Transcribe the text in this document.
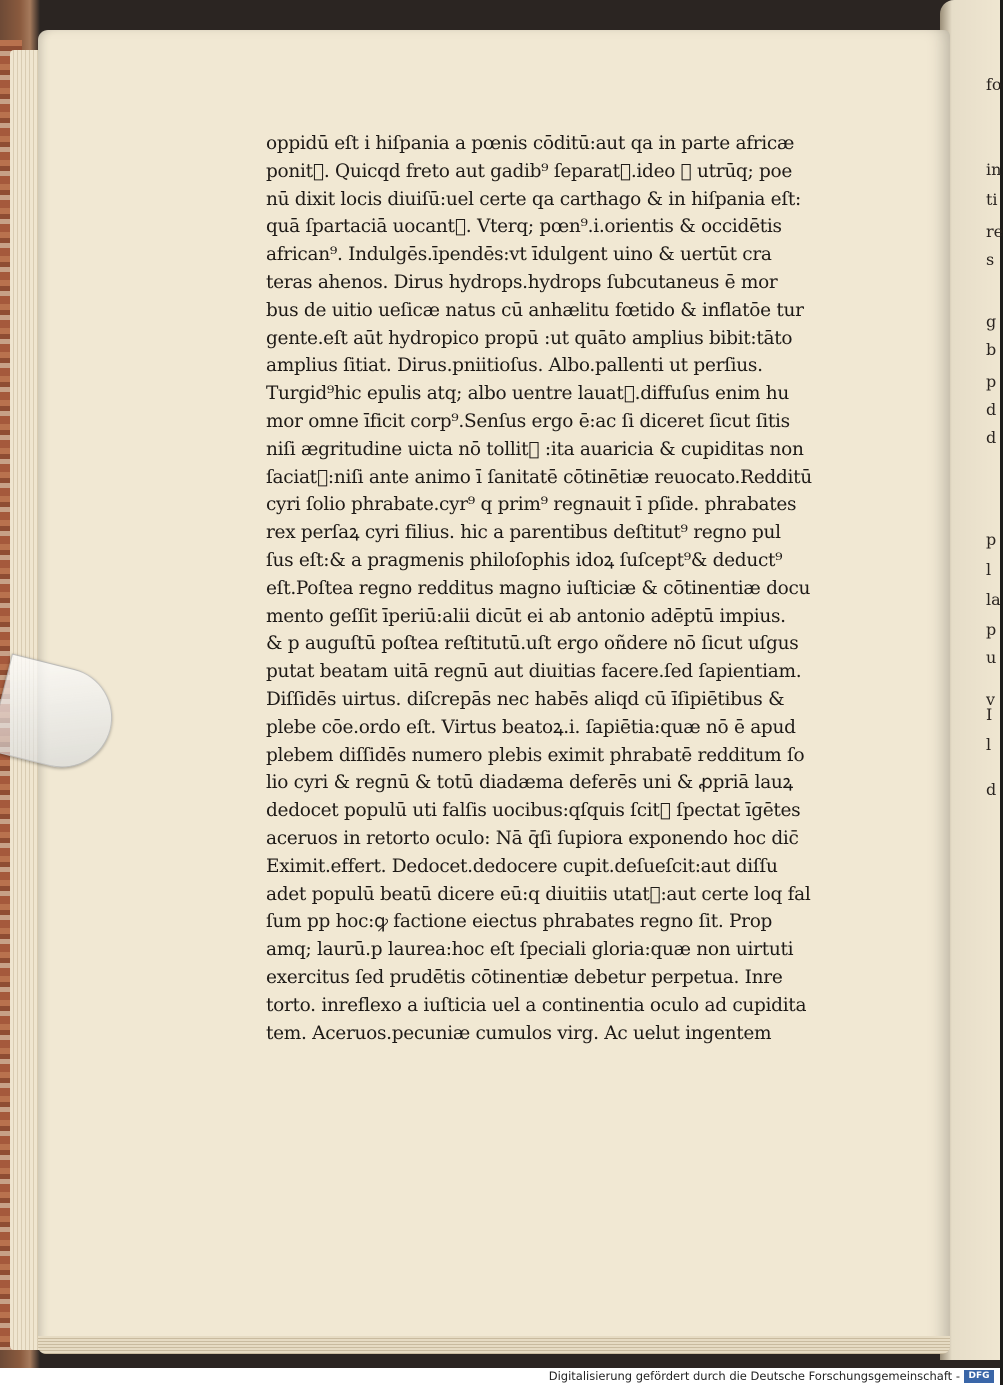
fo
in
ti
re
s
g
b
p
d
d
p
l
la
p
u
v
I
l
d
oppidū eſt i hiſpania a pœnis cōditū:aut qa in parte africæ
ponit᷑. Quicqd freto aut gadib⁹ ſeparat᷑.ideo ꝙ utrūq; poe
nū dixit locis diuiſū:uel certe qa carthago & in hiſpania eſt:
quā ſpartaciā uocant᷑. Vterq; pœn⁹.i.orientis & occidētis
african⁹. Indulgēs.īpendēs:vt īdulgent uino & uertūt cra
teras ahenos. Dirus hydrops.hydrops ſubcutaneus ē mor
bus de uitio ueſicæ natus cū anhælitu fœtido & inflatōe tur
gente.eſt aūt hydropico propū :ut quāto amplius bibit:tāto
amplius ſitiat. Dirus.pniitioſus. Albo.pallenti ut perſius.
Turgid⁹hic epulis atq; albo uentre lauat᷑.diffuſus enim hu
mor omne īficit corp⁹.Senſus ergo ē:ac ſi diceret ſicut ſitis
niſi ægritudine uicta nō tollit᷑ :ita auaricia & cupiditas non
ſaciat᷑:niſi ante animo ī ſanitatē cōtinētiæ reuocato.Redditū
cyri ſolio phrabate.cyr⁹ q prim⁹ regnauit ī pſide. phrabates
rex perſaꝝ cyri filius. hic a parentibus deſtitut⁹ regno pul
ſus eſt:& a pragmenis philoſophis idoꝝ ſuſcept⁹& deduct⁹
eſt.Poſtea regno redditus magno iuſticiæ & cōtinentiæ docu
mento geſſit īperiū:alii dicūt ei ab antonio adēptū impius.
& p auguſtū poſtea reſtitutū.uſt ergo oñdere nō ſicut uſgus
putat beatam uitā regnū aut diuitias facere.ſed ſapientiam.
Diſſidēs uirtus. diſcrepās nec habēs aliqd cū īſipiētibus &
plebe cōe.ordo eſt. Virtus beatoꝝ.i. ſapiētia:quæ nō ē apud
plebem diſſidēs numero plebis eximit phrabatē redditum ſo
lio cyri & regnū & totū diadæma deferēs uni & ꝓpriā lauꝝ
dedocet populū uti falſis uocibus:qſquis ſcit᷑ ſpectat īgētes
aceruos in retorto oculo: Nā q̄ſi ſupiora exponendo hoc dic̄
Eximit.effert. Dedocet.dedocere cupit.deſueſcit:aut diſſu
adet populū beatū dicere eū:q diuitiis utat᷑:aut certe loq fal
ſum pp hoc:ꝙ factione eiectus phrabates regno ſit. Prop
amq; laurū.p laurea:hoc eſt ſpeciali gloria:quæ non uirtuti
exercitus ſed prudētis cōtinentiæ debetur perpetua. Inre
torto. inreflexo a iuſticia uel a continentia oculo ad cupidita
tem. Aceruos.pecuniæ cumulos virg. Ac uelut ingentem
Digitalisierung gefördert durch die Deutsche Forschungsgemeinschaft - DFG
